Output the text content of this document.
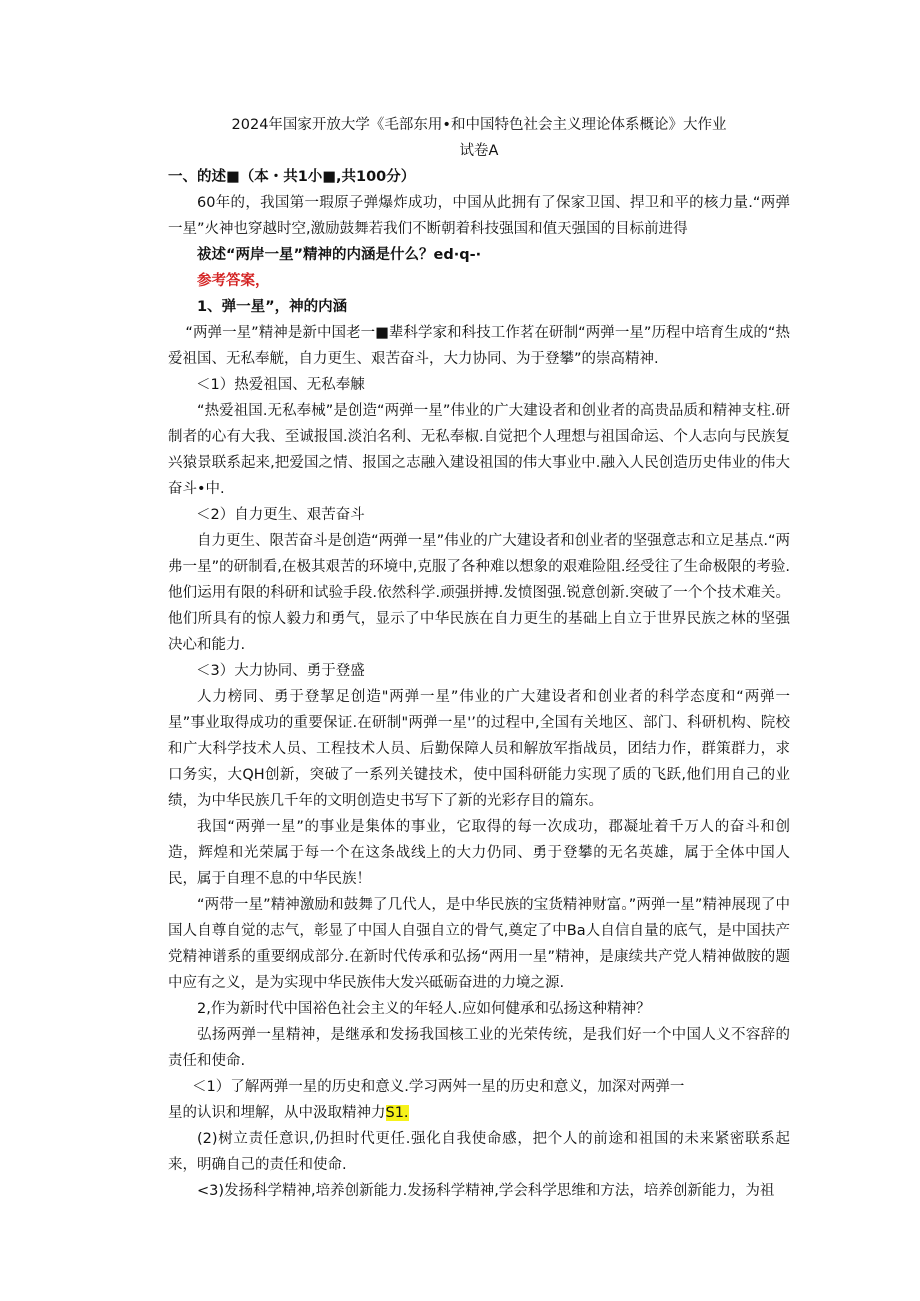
2024年国家开放大学《毛部东用•和中国特色社会主义理论体系概论》大作业

试卷A

一、的述■（本・共1小■,共100分）

60年的，我国第一瑕原子弹爆炸成功，中国从此拥有了保家卫国、捍卫和平的核力量.“两弹一星”火神也穿越时空,激励鼓舞若我们不断朝着科技强国和值天强国的目标前进得

祓述“两岸一星”精神的内涵是什么？ed·q-·

参考答案，

1、弹一星”，神的内涵

“两弹一星”精神是新中国老一■辈科学家和科技工作茗在研制“两弹一星”历程中培育生成的“热爱祖国、无私奉觥，自力更生、艰苦奋斗，大力协同、为于登攀”的崇高精神.

＜1）热爱祖国、无私奉觫

“热爱祖国.无私奉械”是创造“两弹一星”伟业的广大建设者和创业者的高贵品质和精神支柱.研制者的心有大我、至诚报国.淡泊名利、无私奉椒.自觉把个人理想与祖国命运、个人志向与民族复兴猿景联系起来,把爱国之情、报国之志融入建设祖国的伟大事业中.融入人民创造历史伟业的伟大奋斗•中.

＜2）自力更生、艰苦奋斗

自力更生、限苦奋斗是创造“两弹一星”伟业的广大建设者和创业者的坚强意志和立足基点.“两弗一星”的研制看,在极其艰苦的环境中,克服了各种难以想象的艰难险阻.经受往了生命极限的考验.他们运用有限的科研和试验手段.依然科学.顽强拼搏.发愤图强.锐意创新.突破了一个个技术难关。他们所具有的惊人毅力和勇气，显示了中华民族在自力更生的基础上自立于世界民族之林的坚强决心和能力.

＜3）大力协同、勇于登盛

人力榜同、勇于登挈足创造"两弹一星”伟业的广大建设者和创业者的科学态度和“两弹一星”事业取得成功的重要保证.在研制"两弹一星'’的过程中,全国有关地区、部门、科研机构、院校和广大科学技术人员、工程技术人员、后勤保障人员和解放军指战员，团结力作，群策群力，求口务实，大QH创新，突破了一系列关键技术，使中国科研能力实现了质的飞跃,他们用自己的业绩，为中华民族几千年的文明创造史书写下了新的光彩存目的篇东。

我国“两弹一星”的事业是集体的事业，它取得的每一次成功，郡凝址着千万人的奋斗和创造，辉煌和光荣属于每一个在这条战线上的大力仍同、勇于登攀的无名英雄，属于全体中国人民，属于自理不息的中华民族！

“两带一星”精神激励和鼓舞了几代人，是中华民族的宝货精神财富。”两弹一星”精神展现了中国人自尊自觉的志气，彰显了中国人自强自立的骨气,奠定了中Ba人自信自量的底气，是中国扶产党精神谱系的重要纲成部分.在新时代传承和弘扬“两用一星”精神，是康续共产党人精神做胺的题中应有之义，是为实现中华民族伟大发兴砥砺奋进的力境之源.

2,作为新时代中国裕色社会主义的年轻人.应如何健承和弘扬这种精神？

弘扬两弹一星精神，是继承和发扬我国核工业的光荣传统，是我们好一个中国人义不容辞的责任和使命.

＜1）了解两弹一星的历史和意义.学习两舛一星的历史和意义，加深对两弹一

星的认识和埋解，从中汲取精神力S1.

(2)树立责任意识,仍担时代更任.强化自我使命感，把个人的前途和祖国的未来紧密联系起来，明确自己的责任和使命.

<3)发扬科学精神,培养创新能力.发扬科学精神,学会科学思维和方法，培养创新能力，为祖
